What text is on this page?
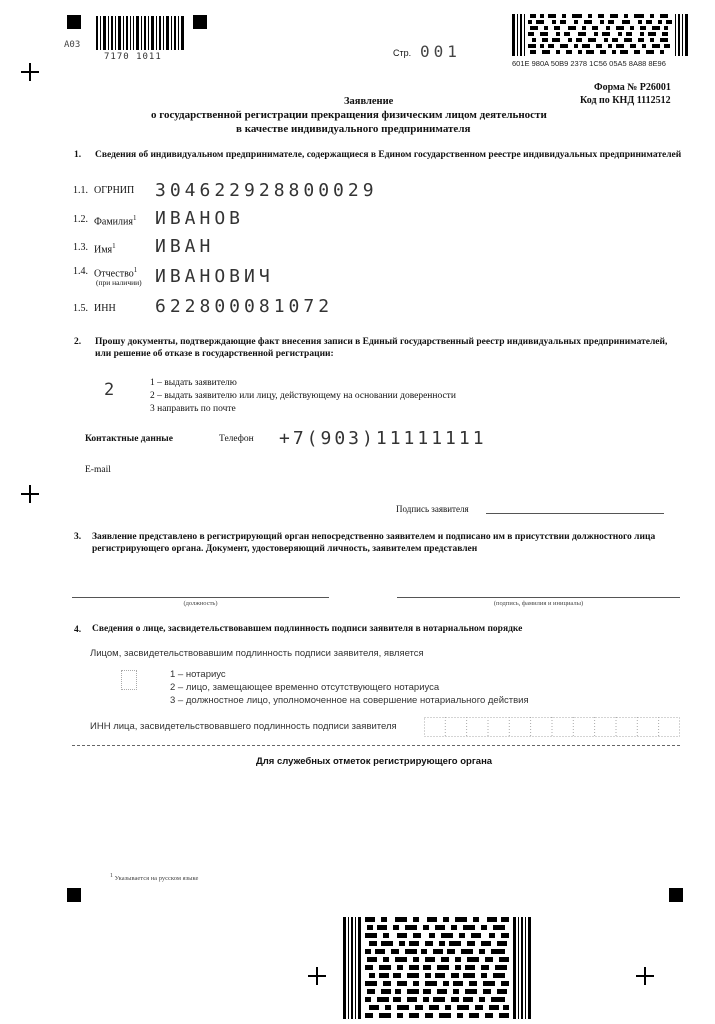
A03
7170 1011	Стр. 001
601E 980A 50B9 2378 1C56 05A5 8A88 8E96
Форма № Р26001
Код по КНД 1112512
Заявление
о государственной регистрации прекращения физическим лицом деятельности
в качестве индивидуального предпринимателя
1. Сведения об индивидуальном предпринимателе, содержащиеся в Едином государственном реестре индивидуальных предпринимателей
1.1. ОГРНИП 304622928800029
1.2. Фамилия$^1$ ИВАНОВ
1.3. Имя$^1$ ИВАН
1.4. Отчество$^1$
(при наличии) ИВАНОВИЧ
1.5. ИНН 622800081072
2. Прошу документы, подтверждающие факт внесения записи в Единый государственный реестр индивидуальных предпринимателей, или решение об отказе в государственной регистрации:
2	1 – выдать заявителю
2 – выдать заявителю или лицу, действующему на основании доверенности
3 направить по почте
Контактные данные	Телефон +7(903)11111111
E-mail
Подпись заявителя
3. Заявление представлено в регистрирующий орган непосредственно заявителем и подписано им в присутствии должностного лица регистрирующего органа. Документ, удостоверяющий личность, заявителем представлен
(должность)	(подпись, фамилия и инициалы)
4. Сведения о лице, засвидетельствовавшем подлинность подписи заявителя в нотариальном порядке
Лицом, засвидетельствовавшим подлинность подписи заявителя, является
1 – нотариус
2 – лицо, замещающее временно отсутствующего нотариуса
3 – должностное лицо, уполномоченное на совершение нотариального действия
ИНН лица, засвидетельствовавшего подлинность подписи заявителя
Для служебных отметок регистрирующего органа
$^1$ Указывается на русском языке
